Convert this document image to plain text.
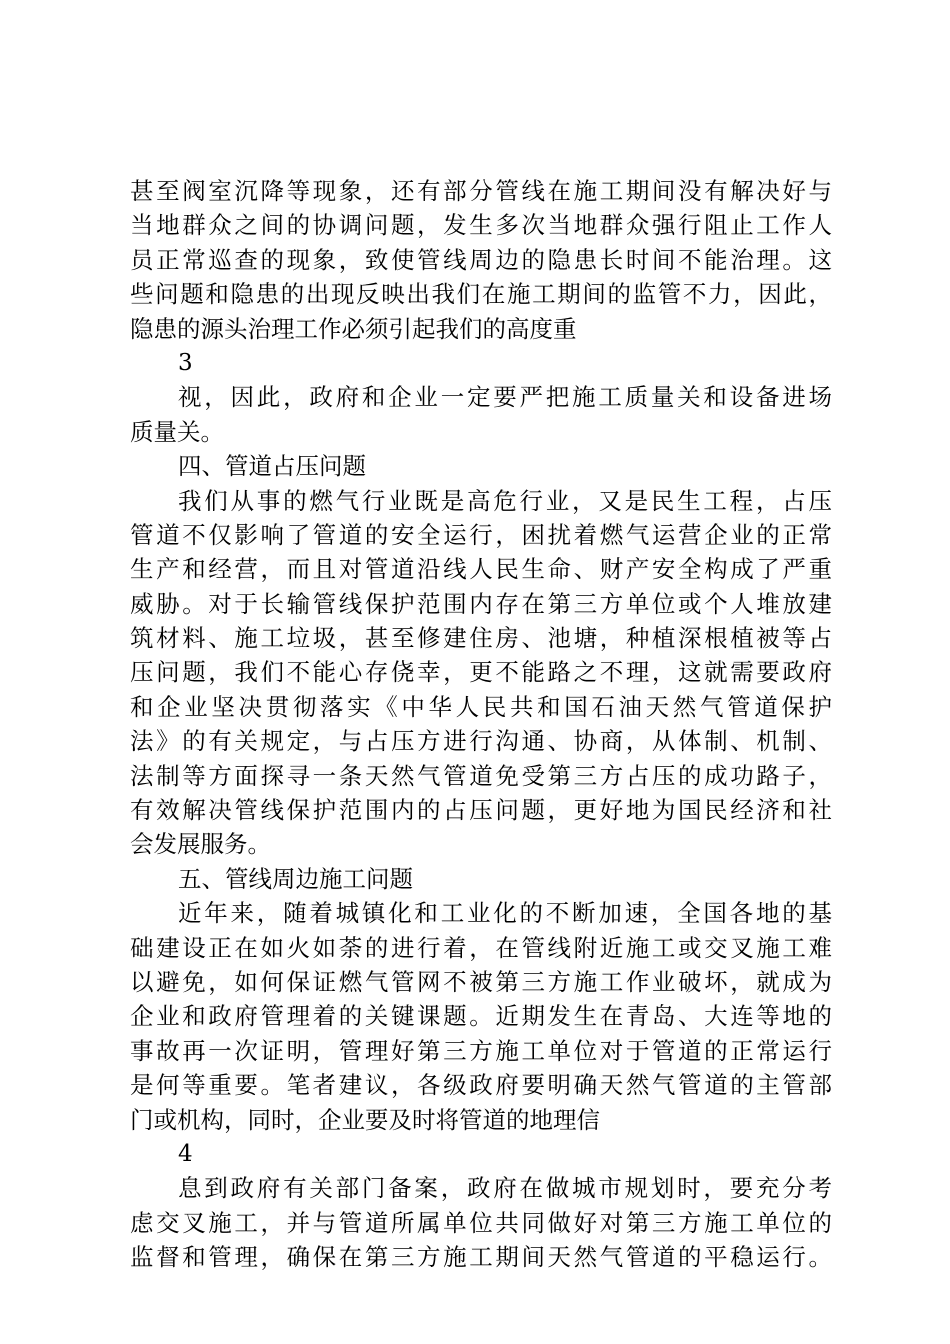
甚至阀室沉降等现象，还有部分管线在施工期间没有解决好与
当地群众之间的协调问题，发生多次当地群众强行阻止工作人
员正常巡查的现象，致使管线周边的隐患长时间不能治理。这
些问题和隐患的出现反映出我们在施工期间的监管不力，因此，
隐患的源头治理工作必须引起我们的高度重
3
视，因此，政府和企业一定要严把施工质量关和设备进场
质量关。
四、管道占压问题
我们从事的燃气行业既是高危行业，又是民生工程，占压
管道不仅影响了管道的安全运行，困扰着燃气运营企业的正常
生产和经营，而且对管道沿线人民生命、财产安全构成了严重
威胁。对于长输管线保护范围内存在第三方单位或个人堆放建
筑材料、施工垃圾，甚至修建住房、池塘，种植深根植被等占
压问题，我们不能心存侥幸，更不能路之不理，这就需要政府
和企业坚决贯彻落实《中华人民共和国石油天然气管道保护
法》的有关规定，与占压方进行沟通、协商，从体制、机制、
法制等方面探寻一条天然气管道免受第三方占压的成功路子，
有效解决管线保护范围内的占压问题，更好地为国民经济和社
会发展服务。
五、管线周边施工问题
近年来，随着城镇化和工业化的不断加速，全国各地的基
础建设正在如火如荼的进行着，在管线附近施工或交叉施工难
以避免，如何保证燃气管网不被第三方施工作业破坏，就成为
企业和政府管理着的关键课题。近期发生在青岛、大连等地的
事故再一次证明，管理好第三方施工单位对于管道的正常运行
是何等重要。笔者建议，各级政府要明确天然气管道的主管部
门或机构，同时，企业要及时将管道的地理信
4
息到政府有关部门备案，政府在做城市规划时，要充分考
虑交叉施工，并与管道所属单位共同做好对第三方施工单位的
监督和管理，确保在第三方施工期间天然气管道的平稳运行。
